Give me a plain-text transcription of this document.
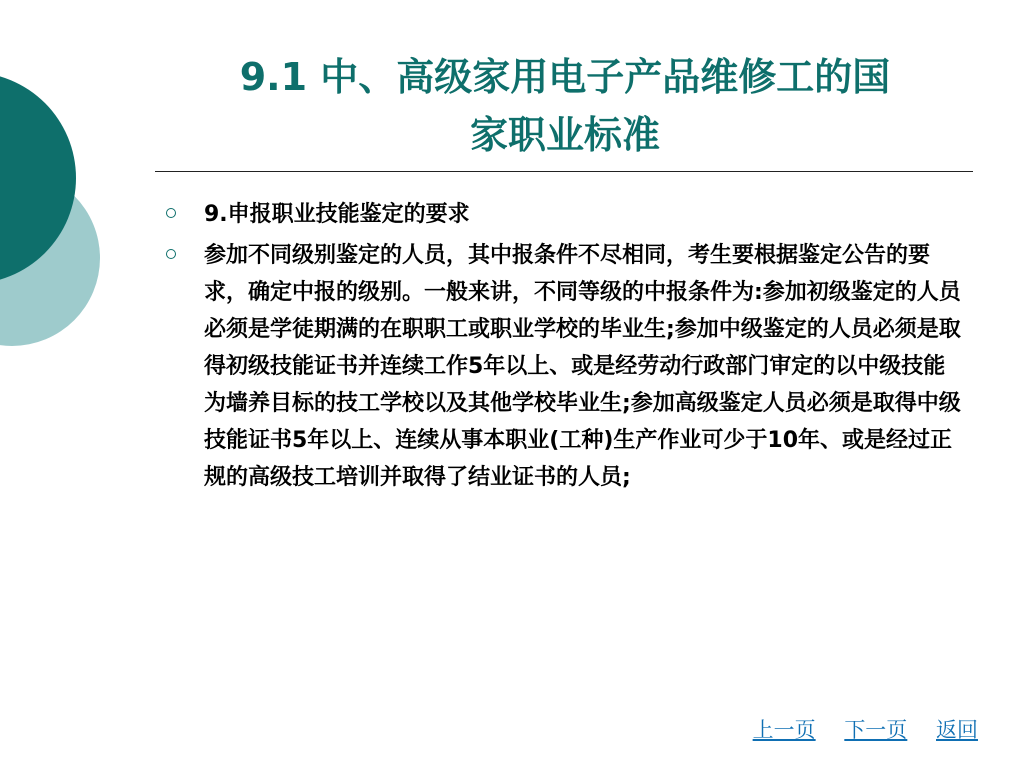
9.1 中、高级家用电子产品维修工的国
家职业标准
9.申报职业技能鉴定的要求
参加不同级别鉴定的人员，其中报条件不尽相同，考生要根据鉴定公告的要求，确定中报的级别。一般来讲，不同等级的中报条件为:参加初级鉴定的人员必须是学徒期满的在职职工或职业学校的毕业生;参加中级鉴定的人员必须是取得初级技能证书并连续工作5年以上、或是经劳动行政部门审定的以中级技能为墙养目标的技工学校以及其他学校毕业生;参加高级鉴定人员必须是取得中级技能证书5年以上、连续从事本职业(工种)生产作业可少于10年、或是经过正规的高级技工培训并取得了结业证书的人员;
上一页 下一页 返回
